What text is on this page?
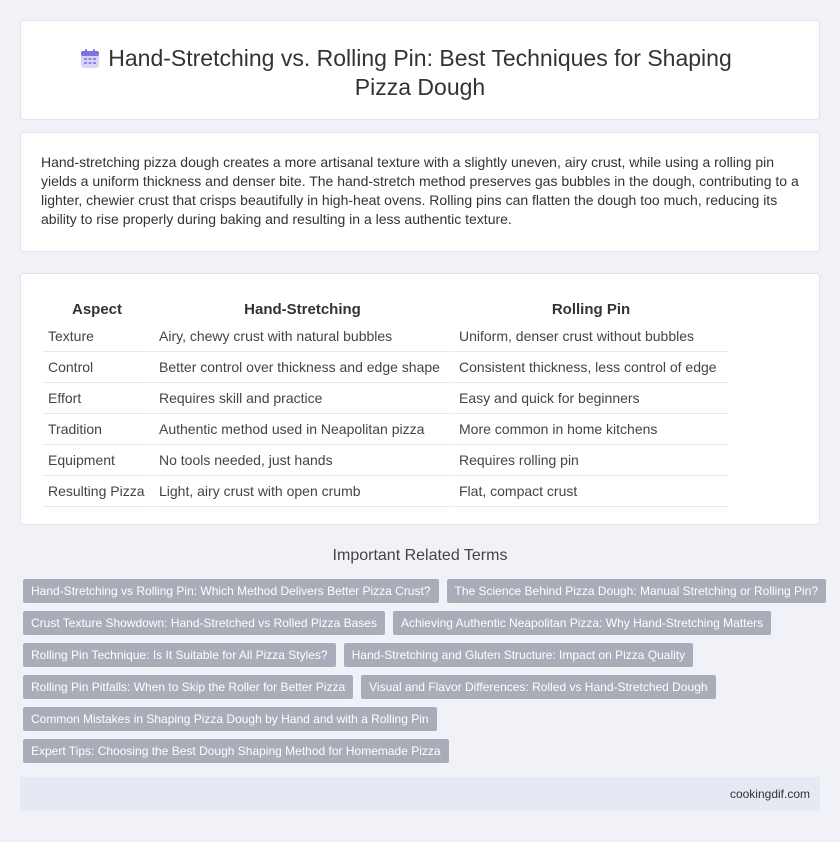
Hand-Stretching vs. Rolling Pin: Best Techniques for Shaping Pizza Dough

Hand-stretching pizza dough creates a more artisanal texture with a slightly uneven, airy crust, while using a rolling pin yields a uniform thickness and denser bite. The hand-stretch method preserves gas bubbles in the dough, contributing to a lighter, chewier crust that crisps beautifully in high-heat ovens. Rolling pins can flatten the dough too much, reducing its ability to rise properly during baking and resulting in a less authentic texture.

Aspect	Hand-Stretching	Rolling Pin
Texture	Airy, chewy crust with natural bubbles	Uniform, denser crust without bubbles
Control	Better control over thickness and edge shape	Consistent thickness, less control of edge
Effort	Requires skill and practice	Easy and quick for beginners
Tradition	Authentic method used in Neapolitan pizza	More common in home kitchens
Equipment	No tools needed, just hands	Requires rolling pin
Resulting Pizza	Light, airy crust with open crumb	Flat, compact crust
Important Related Terms
Hand-Stretching vs Rolling Pin: Which Method Delivers Better Pizza Crust?	The Science Behind Pizza Dough: Manual Stretching or Rolling Pin?
Crust Texture Showdown: Hand-Stretched vs Rolled Pizza Bases	Achieving Authentic Neapolitan Pizza: Why Hand-Stretching Matters
Rolling Pin Technique: Is It Suitable for All Pizza Styles?	Hand-Stretching and Gluten Structure: Impact on Pizza Quality
Rolling Pin Pitfalls: When to Skip the Roller for Better Pizza	Visual and Flavor Differences: Rolled vs Hand-Stretched Dough
Common Mistakes in Shaping Pizza Dough by Hand and with a Rolling Pin
Expert Tips: Choosing the Best Dough Shaping Method for Homemade Pizza
cookingdif.com
